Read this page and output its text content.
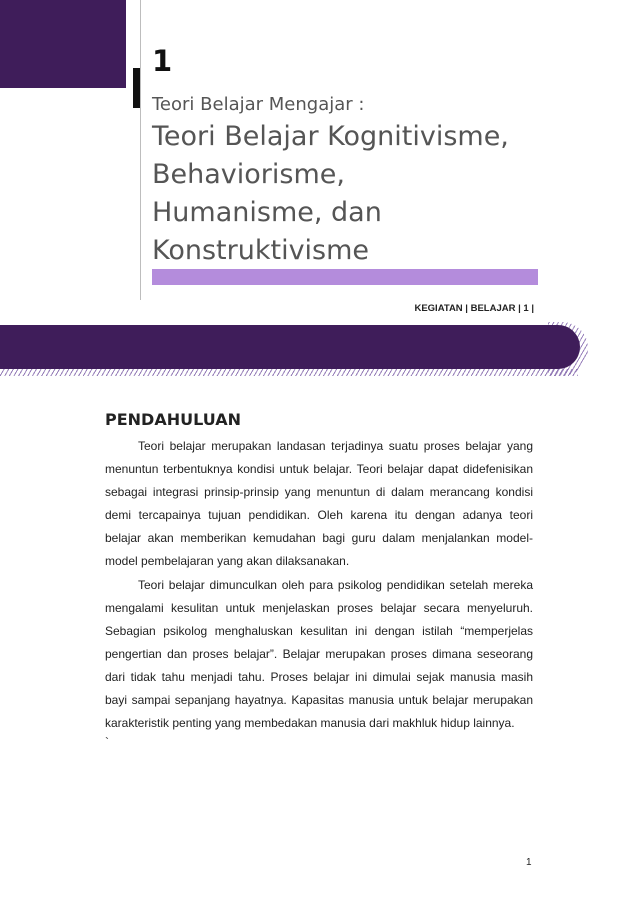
1
Teori Belajar Mengajar :
Teori Belajar Kognitivisme,
Behaviorisme,
Humanisme, dan
Konstruktivisme
KEGIATAN | BELAJAR | 1 |
PENDAHULUAN

Teori belajar merupakan landasan terjadinya suatu proses belajar yang menuntun terbentuknya kondisi untuk belajar. Teori belajar dapat didefenisikan sebagai integrasi prinsip-prinsip yang menuntun di dalam merancang kondisi demi tercapainya tujuan pendidikan. Oleh karena itu dengan adanya teori belajar akan memberikan kemudahan bagi guru dalam menjalankan model-model pembelajaran yang akan dilaksanakan.

Teori belajar dimunculkan oleh para psikolog pendidikan setelah mereka mengalami kesulitan untuk menjelaskan proses belajar secara menyeluruh. Sebagian psikolog menghaluskan kesulitan ini dengan istilah “memperjelas pengertian dan proses belajar”. Belajar merupakan proses dimana seseorang dari tidak tahu menjadi tahu. Proses belajar ini dimulai sejak manusia masih bayi sampai sepanjang hayatnya. Kapasitas manusia untuk belajar merupakan karakteristik penting yang membedakan manusia dari makhluk hidup lainnya.

`

1
